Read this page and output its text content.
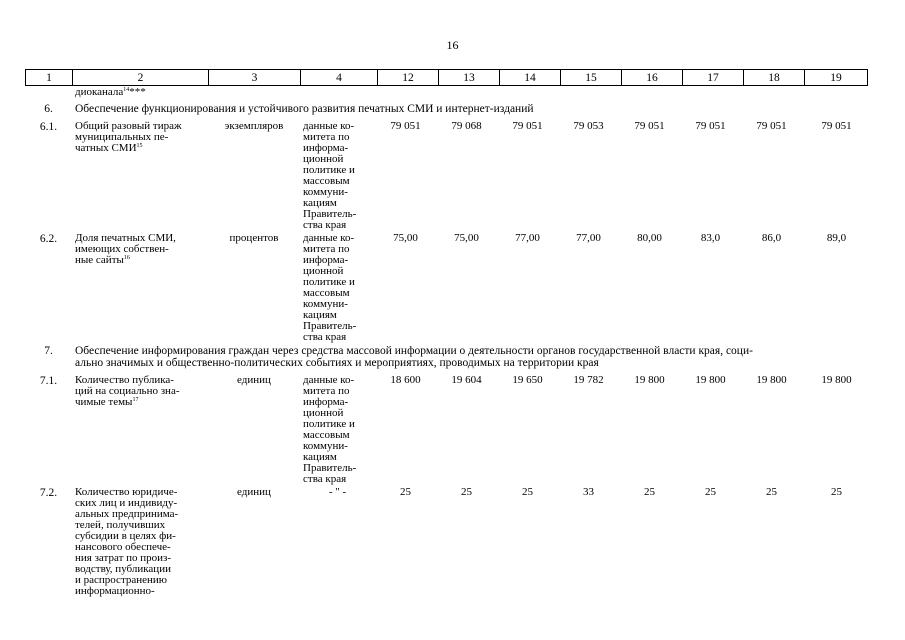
16
1	2	3	4	12	13	14	15	16	17	18	19
диоканала$^{14}$***
6.	Обеспечение функционирования и устойчивого развития печатных СМИ и интернет-изданий
6.1.	Общий разовый тираж
муниципальных пе-
чатных СМИ$^{15}$
экземпляров	данные ко-
митета по
информа-
ционной
политике и
массовым
коммуни-
кациям
Правитель-
ства края
79 051	79 068	79 051	79 053	79 051	79 051	79 051	79 051
6.2.	Доля печатных СМИ,
имеющих собствен-
ные сайты$^{16}$
процентов	данные ко-
митета по
информа-
ционной
политике и
массовым
коммуни-
кациям
Правитель-
ства края
75,00	75,00	77,00	77,00	80,00	83,0	86,0	89,0
7.	Обеспечение информирования граждан через средства массовой информации о деятельности органов государственной власти края, соци-
ально значимых и общественно-политических событиях и мероприятиях, проводимых на территории края
7.1.	Количество публика-
ций на социально зна-
чимые темы$^{17}$
единиц	данные ко-
митета по
информа-
ционной
политике и
массовым
коммуни-
кациям
Правитель-
ства края
18 600	19 604	19 650	19 782	19 800	19 800	19 800	19 800
7.2.	Количество юридиче-
ских лиц и индивиду-
альных предпринима-
телей, получивших
субсидии в целях фи-
нансового обеспече-
ния затрат по произ-
водству, публикации
и распространению
информационно-
единиц	- " -	25	25	25	33	25	25	25	25
